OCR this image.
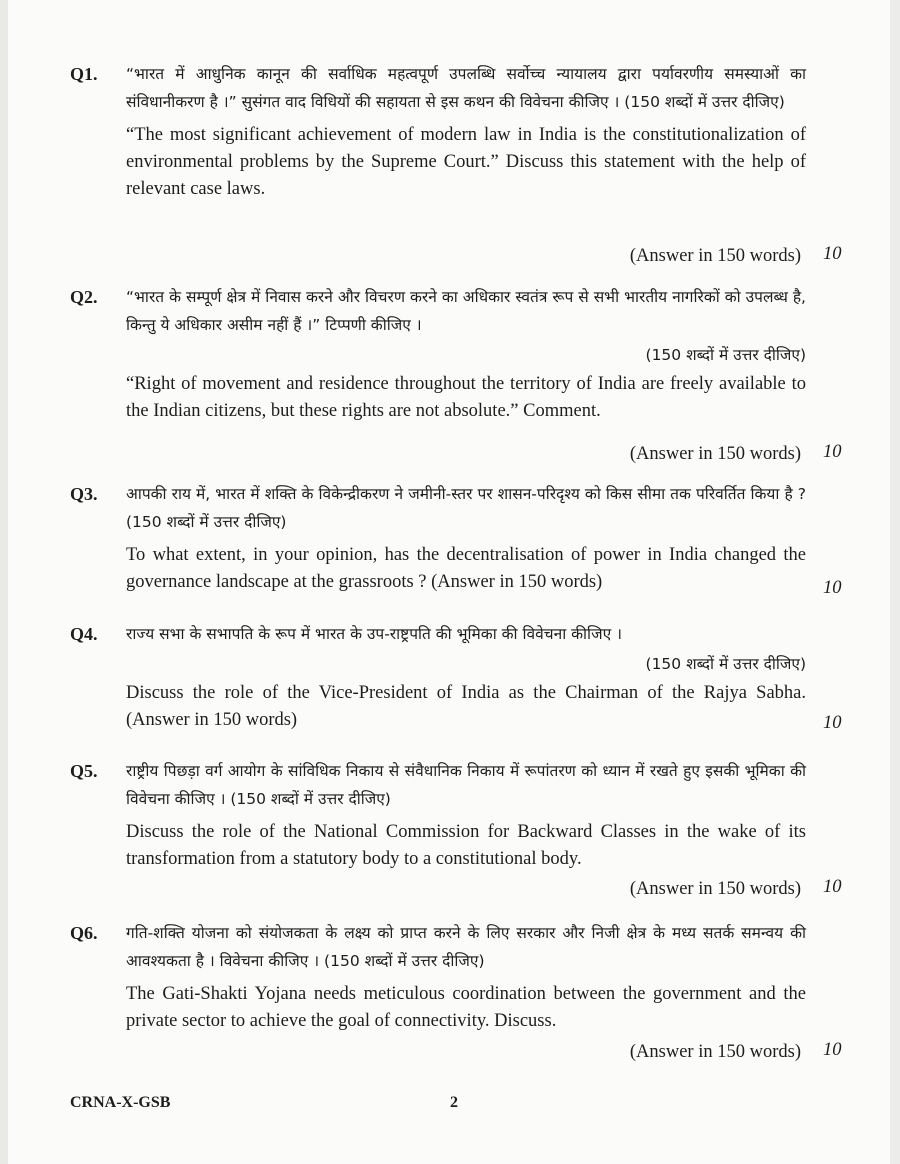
Q1. “भारत में आधुनिक कानून की सर्वाधिक महत्वपूर्ण उपलब्धि सर्वोच्च न्यायालय द्वारा पर्यावरणीय समस्याओं का संविधानीकरण है ।” सुसंगत वाद विधियों की सहायता से इस कथन की विवेचना कीजिए । (150 शब्दों में उत्तर दीजिए)

“The most significant achievement of modern law in India is the constitutionalization of environmental problems by the Supreme Court.” Discuss this statement with the help of relevant case laws.

(Answer in 150 words) 10
Q2. “भारत के सम्पूर्ण क्षेत्र में निवास करने और विचरण करने का अधिकार स्वतंत्र रूप से सभी भारतीय नागरिकों को उपलब्ध है, किन्तु ये अधिकार असीम नहीं हैं ।” टिप्पणी कीजिए ।

(150 शब्दों में उत्तर दीजिए)

“Right of movement and residence throughout the territory of India are freely available to the Indian citizens, but these rights are not absolute.” Comment.

(Answer in 150 words) 10
Q3. आपकी राय में, भारत में शक्ति के विकेन्द्रीकरण ने जमीनी-स्तर पर शासन-परिदृश्य को किस सीमा तक परिवर्तित किया है ? (150 शब्दों में उत्तर दीजिए)

To what extent, in your opinion, has the decentralisation of power in India changed the governance landscape at the grassroots ? (Answer in 150 words)	10
Q4. राज्य सभा के सभापति के रूप में भारत के उप-राष्ट्रपति की भूमिका की विवेचना कीजिए ।

(150 शब्दों में उत्तर दीजिए)

Discuss the role of the Vice-President of India as the Chairman of the Rajya Sabha. (Answer in 150 words)	10
Q5. राष्ट्रीय पिछड़ा वर्ग आयोग के सांविधिक निकाय से संवैधानिक निकाय में रूपांतरण को ध्यान में रखते हुए इसकी भूमिका की विवेचना कीजिए । (150 शब्दों में उत्तर दीजिए)

Discuss the role of the National Commission for Backward Classes in the wake of its transformation from a statutory body to a constitutional body.

(Answer in 150 words) 10
Q6. गति-शक्ति योजना को संयोजकता के लक्ष्य को प्राप्त करने के लिए सरकार और निजी क्षेत्र के मध्य सतर्क समन्वय की आवश्यकता है । विवेचना कीजिए । (150 शब्दों में उत्तर दीजिए)

The Gati-Shakti Yojana needs meticulous coordination between the government and the private sector to achieve the goal of connectivity. Discuss.

(Answer in 150 words) 10
CRNA-X-GSB	2
